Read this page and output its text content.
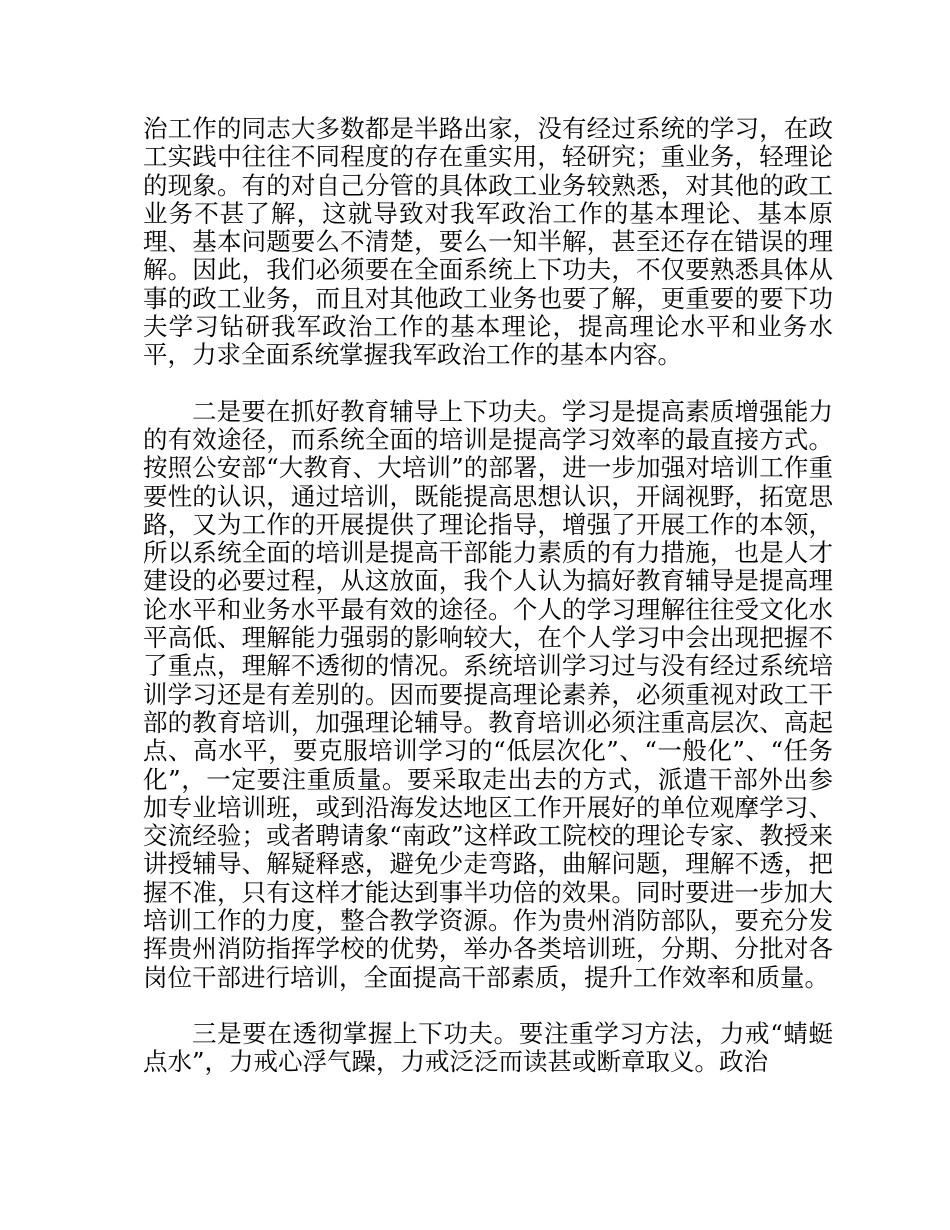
治工作的同志大多数都是半路出家，没有经过系统的学习，在政工实践中往往不同程度的存在重实用，轻研究；重业务，轻理论的现象。有的对自己分管的具体政工业务较熟悉，对其他的政工业务不甚了解，这就导致对我军政治工作的基本理论、基本原理、基本问题要么不清楚，要么一知半解，甚至还存在错误的理解。因此，我们必须要在全面系统上下功夫，不仅要熟悉具体从事的政工业务，而且对其他政工业务也要了解，更重要的要下功夫学习钻研我军政治工作的基本理论，提高理论水平和业务水平，力求全面系统掌握我军政治工作的基本内容。

二是要在抓好教育辅导上下功夫。学习是提高素质增强能力的有效途径，而系统全面的培训是提高学习效率的最直接方式。按照公安部“大教育、大培训”的部署，进一步加强对培训工作重要性的认识，通过培训，既能提高思想认识，开阔视野，拓宽思路，又为工作的开展提供了理论指导，增强了开展工作的本领，所以系统全面的培训是提高干部能力素质的有力措施，也是人才建设的必要过程，从这放面，我个人认为搞好教育辅导是提高理论水平和业务水平最有效的途径。个人的学习理解往往受文化水平高低、理解能力强弱的影响较大，在个人学习中会出现把握不了重点，理解不透彻的情况。系统培训学习过与没有经过系统培训学习还是有差别的。因而要提高理论素养，必须重视对政工干部的教育培训，加强理论辅导。教育培训必须注重高层次、高起点、高水平，要克服培训学习的“低层次化”、“一般化”、“任务化”，一定要注重质量。要采取走出去的方式，派遣干部外出参加专业培训班，或到沿海发达地区工作开展好的单位观摩学习、交流经验；或者聘请象“南政”这样政工院校的理论专家、教授来讲授辅导、解疑释惑，避免少走弯路，曲解问题，理解不透，把握不准，只有这样才能达到事半功倍的效果。同时要进一步加大培训工作的力度，整合教学资源。作为贵州消防部队，要充分发挥贵州消防指挥学校的优势，举办各类培训班，分期、分批对各岗位干部进行培训，全面提高干部素质，提升工作效率和质量。

三是要在透彻掌握上下功夫。要注重学习方法，力戒“蜻蜓点水”，力戒心浮气躁，力戒泛泛而读甚或断章取义。政治
